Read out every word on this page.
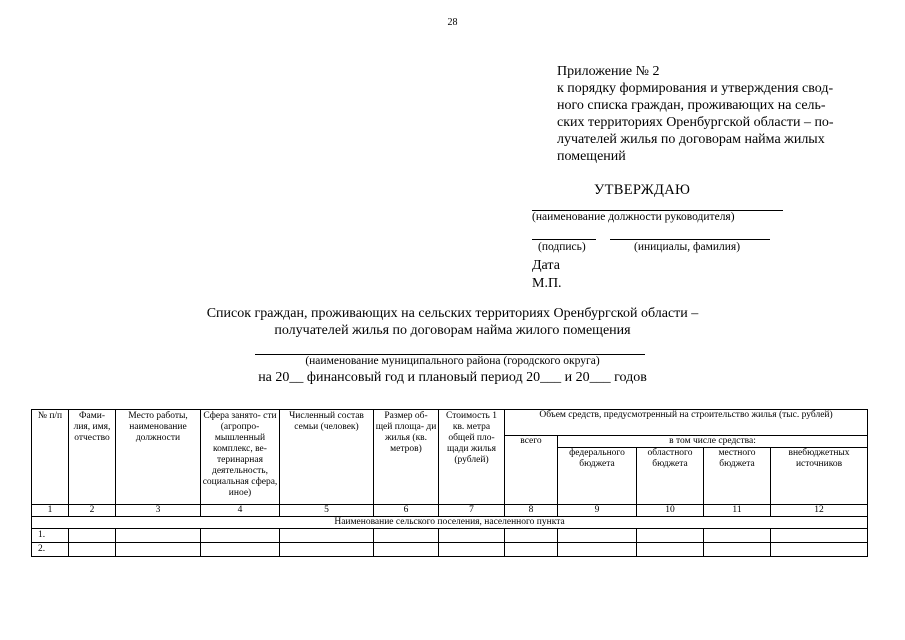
28
Приложение № 2
к порядку формирования и утверждения свод-
ного списка граждан, проживающих на сель-
ских территориях Оренбургской области – по-
лучателей жилья по договорам найма жилых
помещений
УТВЕРЖДАЮ
(наименование должности руководителя)
(подпись)	(инициалы, фамилия)
Дата
М.П.
Список граждан, проживающих на сельских территориях Оренбургской области –
получателей жилья по договорам найма жилого помещения
(наименование муниципального района (городского округа)
на 20__ финансовый год и плановый период 20___ и 20___ годов
№ п/п	Фами- лия, имя, отчество	Место работы, наименование должности	Сфера занято- сти (агропро- мышленный комплекс, ве- теринарная деятельность, социальная сфера, иное)	Численный состав семьи (человек)	Размер об- щей площа- ди жилья (кв. метров)	Стоимость 1 кв. метра общей пло- щади жилья (рублей)	Объем средств, предусмотренный на строительство жилья (тыс. рублей)				
							всего	в том числе средства:			
								федерального бюджета	областного бюджета	местного бюджета	внебюджетных источников
1	2	3	4	5	6	7	8	9	10	11	12
Наименование сельского поселения, населенного пункта											
1.											
2.											
